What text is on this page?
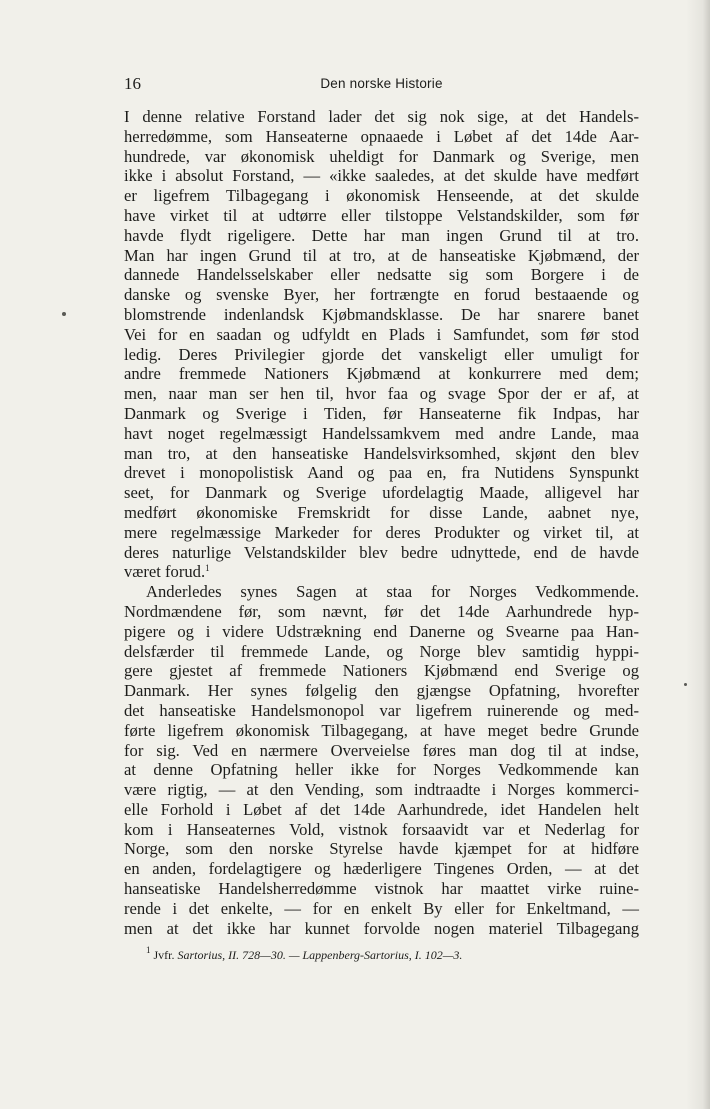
16	Den norske Historie
I denne relative Forstand lader det sig nok sige, at det Handels-
herredømme, som Hanseaterne opnaaede i Løbet af det 14de Aar-
hundrede, var økonomisk uheldigt for Danmark og Sverige, men
ikke i absolut Forstand, — «ikke saaledes, at det skulde have medført
er ligefrem Tilbagegang i økonomisk Henseende, at det skulde
have virket til at udtørre eller tilstoppe Velstandskilder, som før
havde flydt rigeligere. Dette har man ingen Grund til at tro.
Man har ingen Grund til at tro, at de hanseatiske Kjøbmænd, der
dannede Handelsselskaber eller nedsatte sig som Borgere i de
danske og svenske Byer, her fortrængte en forud bestaaende og
blomstrende indenlandsk Kjøbmandsklasse. De har snarere banet
Vei for en saadan og udfyldt en Plads i Samfundet, som før stod
ledig. Deres Privilegier gjorde det vanskeligt eller umuligt for
andre fremmede Nationers Kjøbmænd at konkurrere med dem;
men, naar man ser hen til, hvor faa og svage Spor der er af, at
Danmark og Sverige i Tiden, før Hanseaterne fik Indpas, har
havt noget regelmæssigt Handelssamkvem med andre Lande, maa
man tro, at den hanseatiske Handelsvirksomhed, skjønt den blev
drevet i monopolistisk Aand og paa en, fra Nutidens Synspunkt
seet, for Danmark og Sverige ufordelagtig Maade, alligevel har
medført økonomiske Fremskridt for disse Lande, aabnet nye,
mere regelmæssige Markeder for deres Produkter og virket til, at
deres naturlige Velstandskilder blev bedre udnyttede, end de havde
været forud.$^1$
Anderledes synes Sagen at staa for Norges Vedkommende.
Nordmændene før, som nævnt, før det 14de Aarhundrede hyp-
pigere og i videre Udstrækning end Danerne og Svearne paa Han-
delsfærder til fremmede Lande, og Norge blev samtidig hyppi-
gere gjestet af fremmede Nationers Kjøbmænd end Sverige og
Danmark. Her synes følgelig den gjængse Opfatning, hvorefter
det hanseatiske Handelsmonopol var ligefrem ruinerende og med-
førte ligefrem økonomisk Tilbagegang, at have meget bedre Grunde
for sig. Ved en nærmere Overveielse føres man dog til at indse,
at denne Opfatning heller ikke for Norges Vedkommende kan
være rigtig, — at den Vending, som indtraadte i Norges kommerci-
elle Forhold i Løbet af det 14de Aarhundrede, idet Handelen helt
kom i Hanseaternes Vold, vistnok forsaavidt var et Nederlag for
Norge, som den norske Styrelse havde kjæmpet for at hidføre
en anden, fordelagtigere og hæderligere Tingenes Orden, — at det
hanseatiske Handelsherredømme vistnok har maattet virke ruine-
rende i det enkelte, — for en enkelt By eller for Enkeltmand, —
men at det ikke har kunnet forvolde nogen materiel Tilbagegang
$^1$ Jvfr. Sartorius, II. 728—30. — Lappenberg-Sartorius, I. 102—3.
